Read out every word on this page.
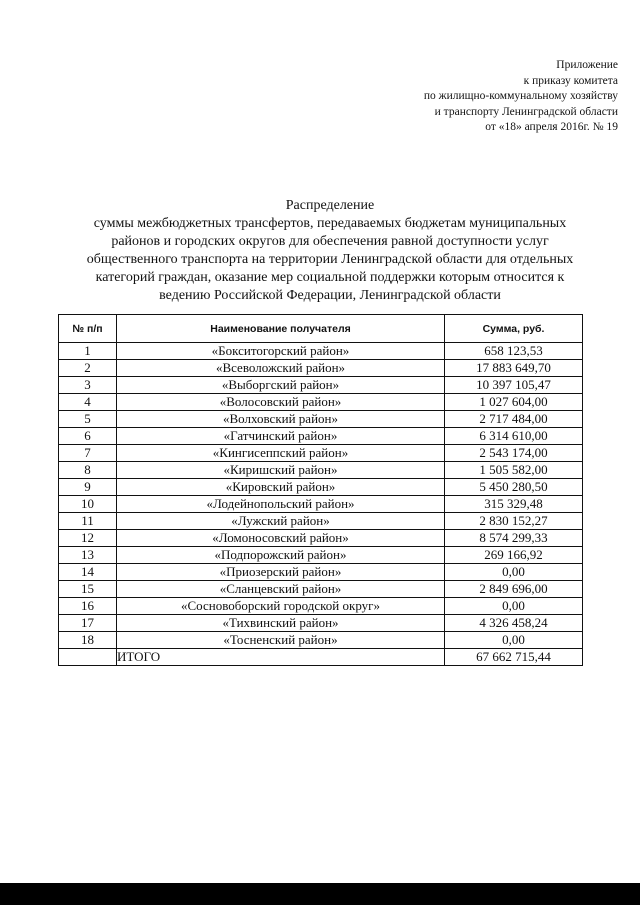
Приложение
к приказу комитета
по жилищно-коммунальному хозяйству
и транспорту Ленинградской области
от «18» апреля 2016г. № 19
Распределение
суммы межбюджетных трансфертов, передаваемых бюджетам муниципальных
районов и городских округов для обеспечения равной доступности услуг
общественного транспорта на территории Ленинградской области для отдельных
категорий граждан, оказание мер социальной поддержки которым относится к
ведению Российской Федерации, Ленинградской области
№ п/п	Наименование получателя	Сумма, руб.
1	«Бокситогорский район»	658 123,53
2	«Всеволожский район»	17 883 649,70
3	«Выборгский район»	10 397 105,47
4	«Волосовский район»	1 027 604,00
5	«Волховский район»	2 717 484,00
6	«Гатчинский район»	6 314 610,00
7	«Кингисеппский район»	2 543 174,00
8	«Киришский район»	1 505 582,00
9	«Кировский район»	5 450 280,50
10	«Лодейнопольский район»	315 329,48
11	«Лужский район»	2 830 152,27
12	«Ломоносовский район»	8 574 299,33
13	«Подпорожский район»	269 166,92
14	«Приозерский район»	0,00
15	«Сланцевский район»	2 849 696,00
16	«Сосновоборский городской округ»	0,00
17	«Тихвинский район»	4 326 458,24
18	«Тосненский район»	0,00
	ИТОГО	67 662 715,44
